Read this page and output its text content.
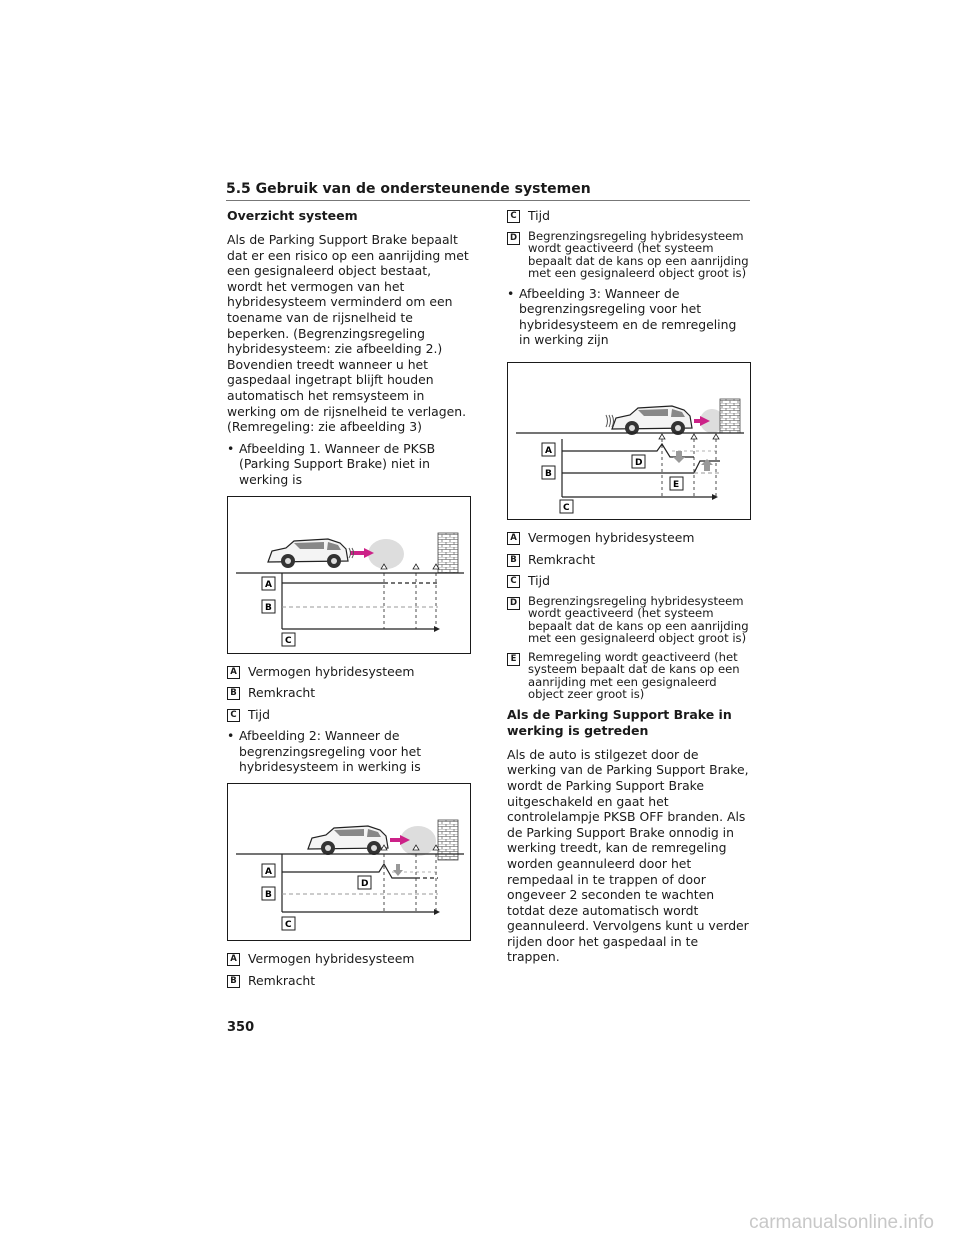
5.5 Gebruik van de ondersteunende systemen
Overzicht systeem

Als de Parking Support Brake bepaalt dat er een risico op een aanrijding met een gesignaleerd object bestaat, wordt het vermogen van het hybridesysteem verminderd om een toename van de rijsnelheid te beperken. (Begrenzingsregeling hybridesysteem: zie afbeelding 2.) Bovendien treedt wanneer u het gaspedaal ingetrapt blijft houden automatisch het remsysteem in werking om de rijsnelheid te verlagen. (Remregeling: zie afbeelding 3)

• Afbeelding 1. Wanneer de PKSB (Parking Support Brake) niet in werking is
A
B
C
A Vermogen hybridesysteem
B Remkracht
C Tijd
• Afbeelding 2: Wanneer de begrenzingsregeling voor het hybridesysteem in werking is
A
B
D
C
A Vermogen hybridesysteem
B Remkracht
C Tijd
D Begrenzingsregeling hybridesysteem wordt geactiveerd (het systeem bepaalt dat de kans op een aanrijding met een gesignaleerd object groot is)
• Afbeelding 3: Wanneer de begrenzingsregeling voor het hybridesysteem en de remregeling in werking zijn
A
B
D
E
C
A Vermogen hybridesysteem
B Remkracht
C Tijd
D Begrenzingsregeling hybridesysteem wordt geactiveerd (het systeem bepaalt dat de kans op een aanrijding met een gesignaleerd object groot is)
E Remregeling wordt geactiveerd (het systeem bepaalt dat de kans op een aanrijding met een gesignaleerd object zeer groot is)
Als de Parking Support Brake in werking is getreden

Als de auto is stilgezet door de werking van de Parking Support Brake, wordt de Parking Support Brake uitgeschakeld en gaat het controlelampje PKSB OFF branden. Als de Parking Support Brake onnodig in werking treedt, kan de remregeling worden geannuleerd door het rempedaal in te trappen of door ongeveer 2 seconden te wachten totdat deze automatisch wordt geannuleerd. Vervolgens kunt u verder rijden door het gaspedaal in te trappen.

350
carmanualsonline.info
